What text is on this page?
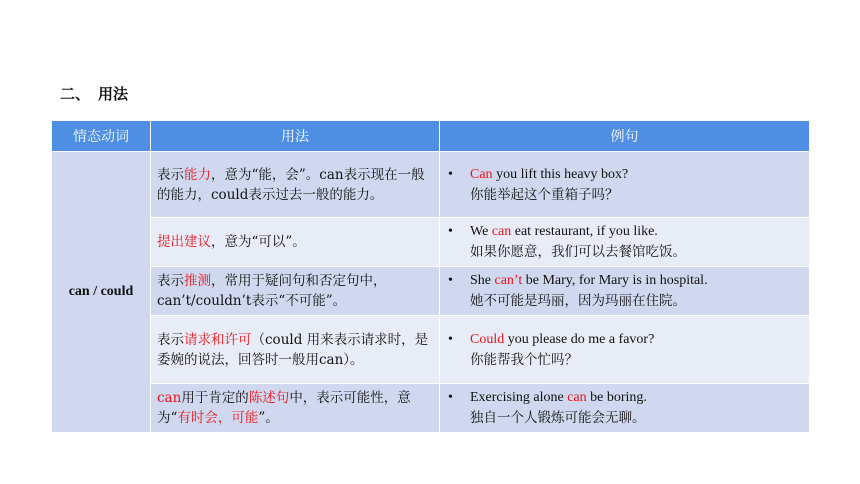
二、 用法
情态动词	用法	例句
can / could	表示能力，意为“能，会”。can表示现在一般的能力，could表示过去一般的能力。	• Can you lift this heavy box?
你能举起这个重箱子吗？

	提出建议，意为“可以”。	• We can eat restaurant, if you like.
如果你愿意，我们可以去餐馆吃饭。

	表示推测，常用于疑问句和否定句中，can’t/couldn’t表示“不可能”。	• She can’t be Mary, for Mary is in hospital.
她不可能是玛丽，因为玛丽在住院。

	表示请求和许可（could 用来表示请求时，是委婉的说法，回答时一般用can）。	• Could you please do me a favor?
你能帮我个忙吗？

	can用于肯定的陈述句中，表示可能性，意为“有时会，可能”。	• Exercising alone can be boring.
独自一个人锻炼可能会无聊。
